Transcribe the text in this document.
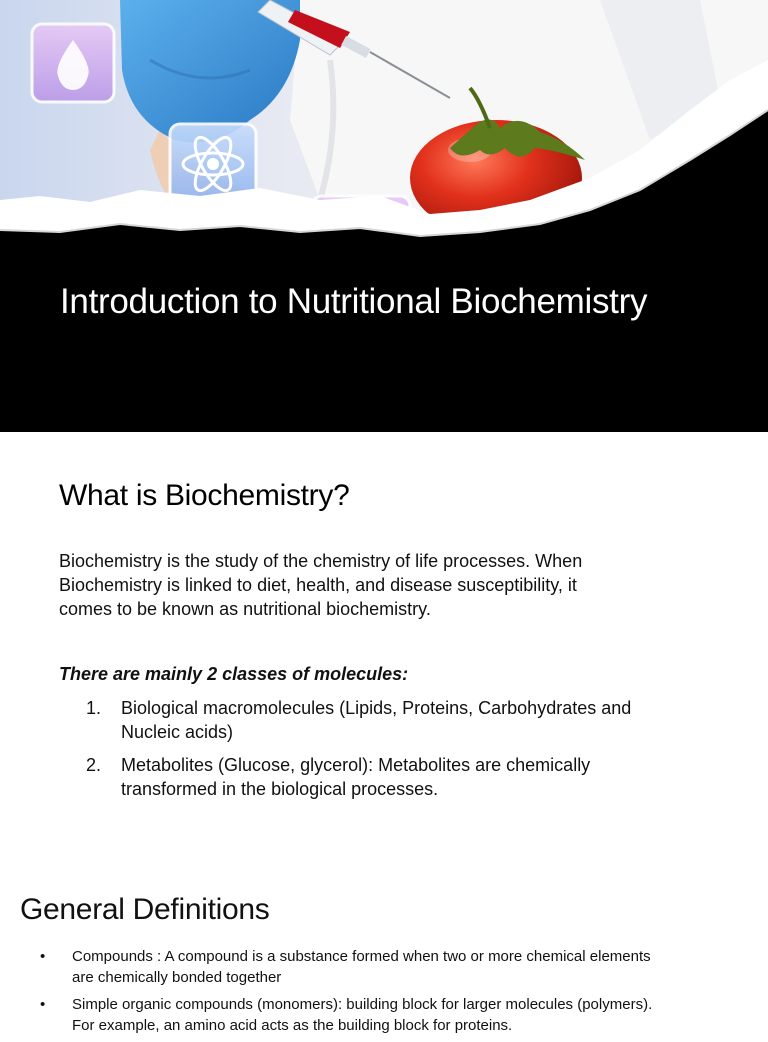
Introduction to Nutritional Biochemistry
What is Biochemistry?
Biochemistry is the study of the chemistry of life processes. When
Biochemistry is linked to diet, health, and disease susceptibility, it
comes to be known as nutritional biochemistry.
There are mainly 2 classes of molecules:
1.	Biological macromolecules (Lipids, Proteins, Carbohydrates and
Nucleic acids)
2.	Metabolites (Glucose, glycerol): Metabolites are chemically
transformed in the biological processes.
General Definitions
•	Compounds : A compound is a substance formed when two or more chemical elements
are chemically bonded together
•	Simple organic compounds (monomers): building block for larger molecules (polymers).
For example, an amino acid acts as the building block for proteins.
